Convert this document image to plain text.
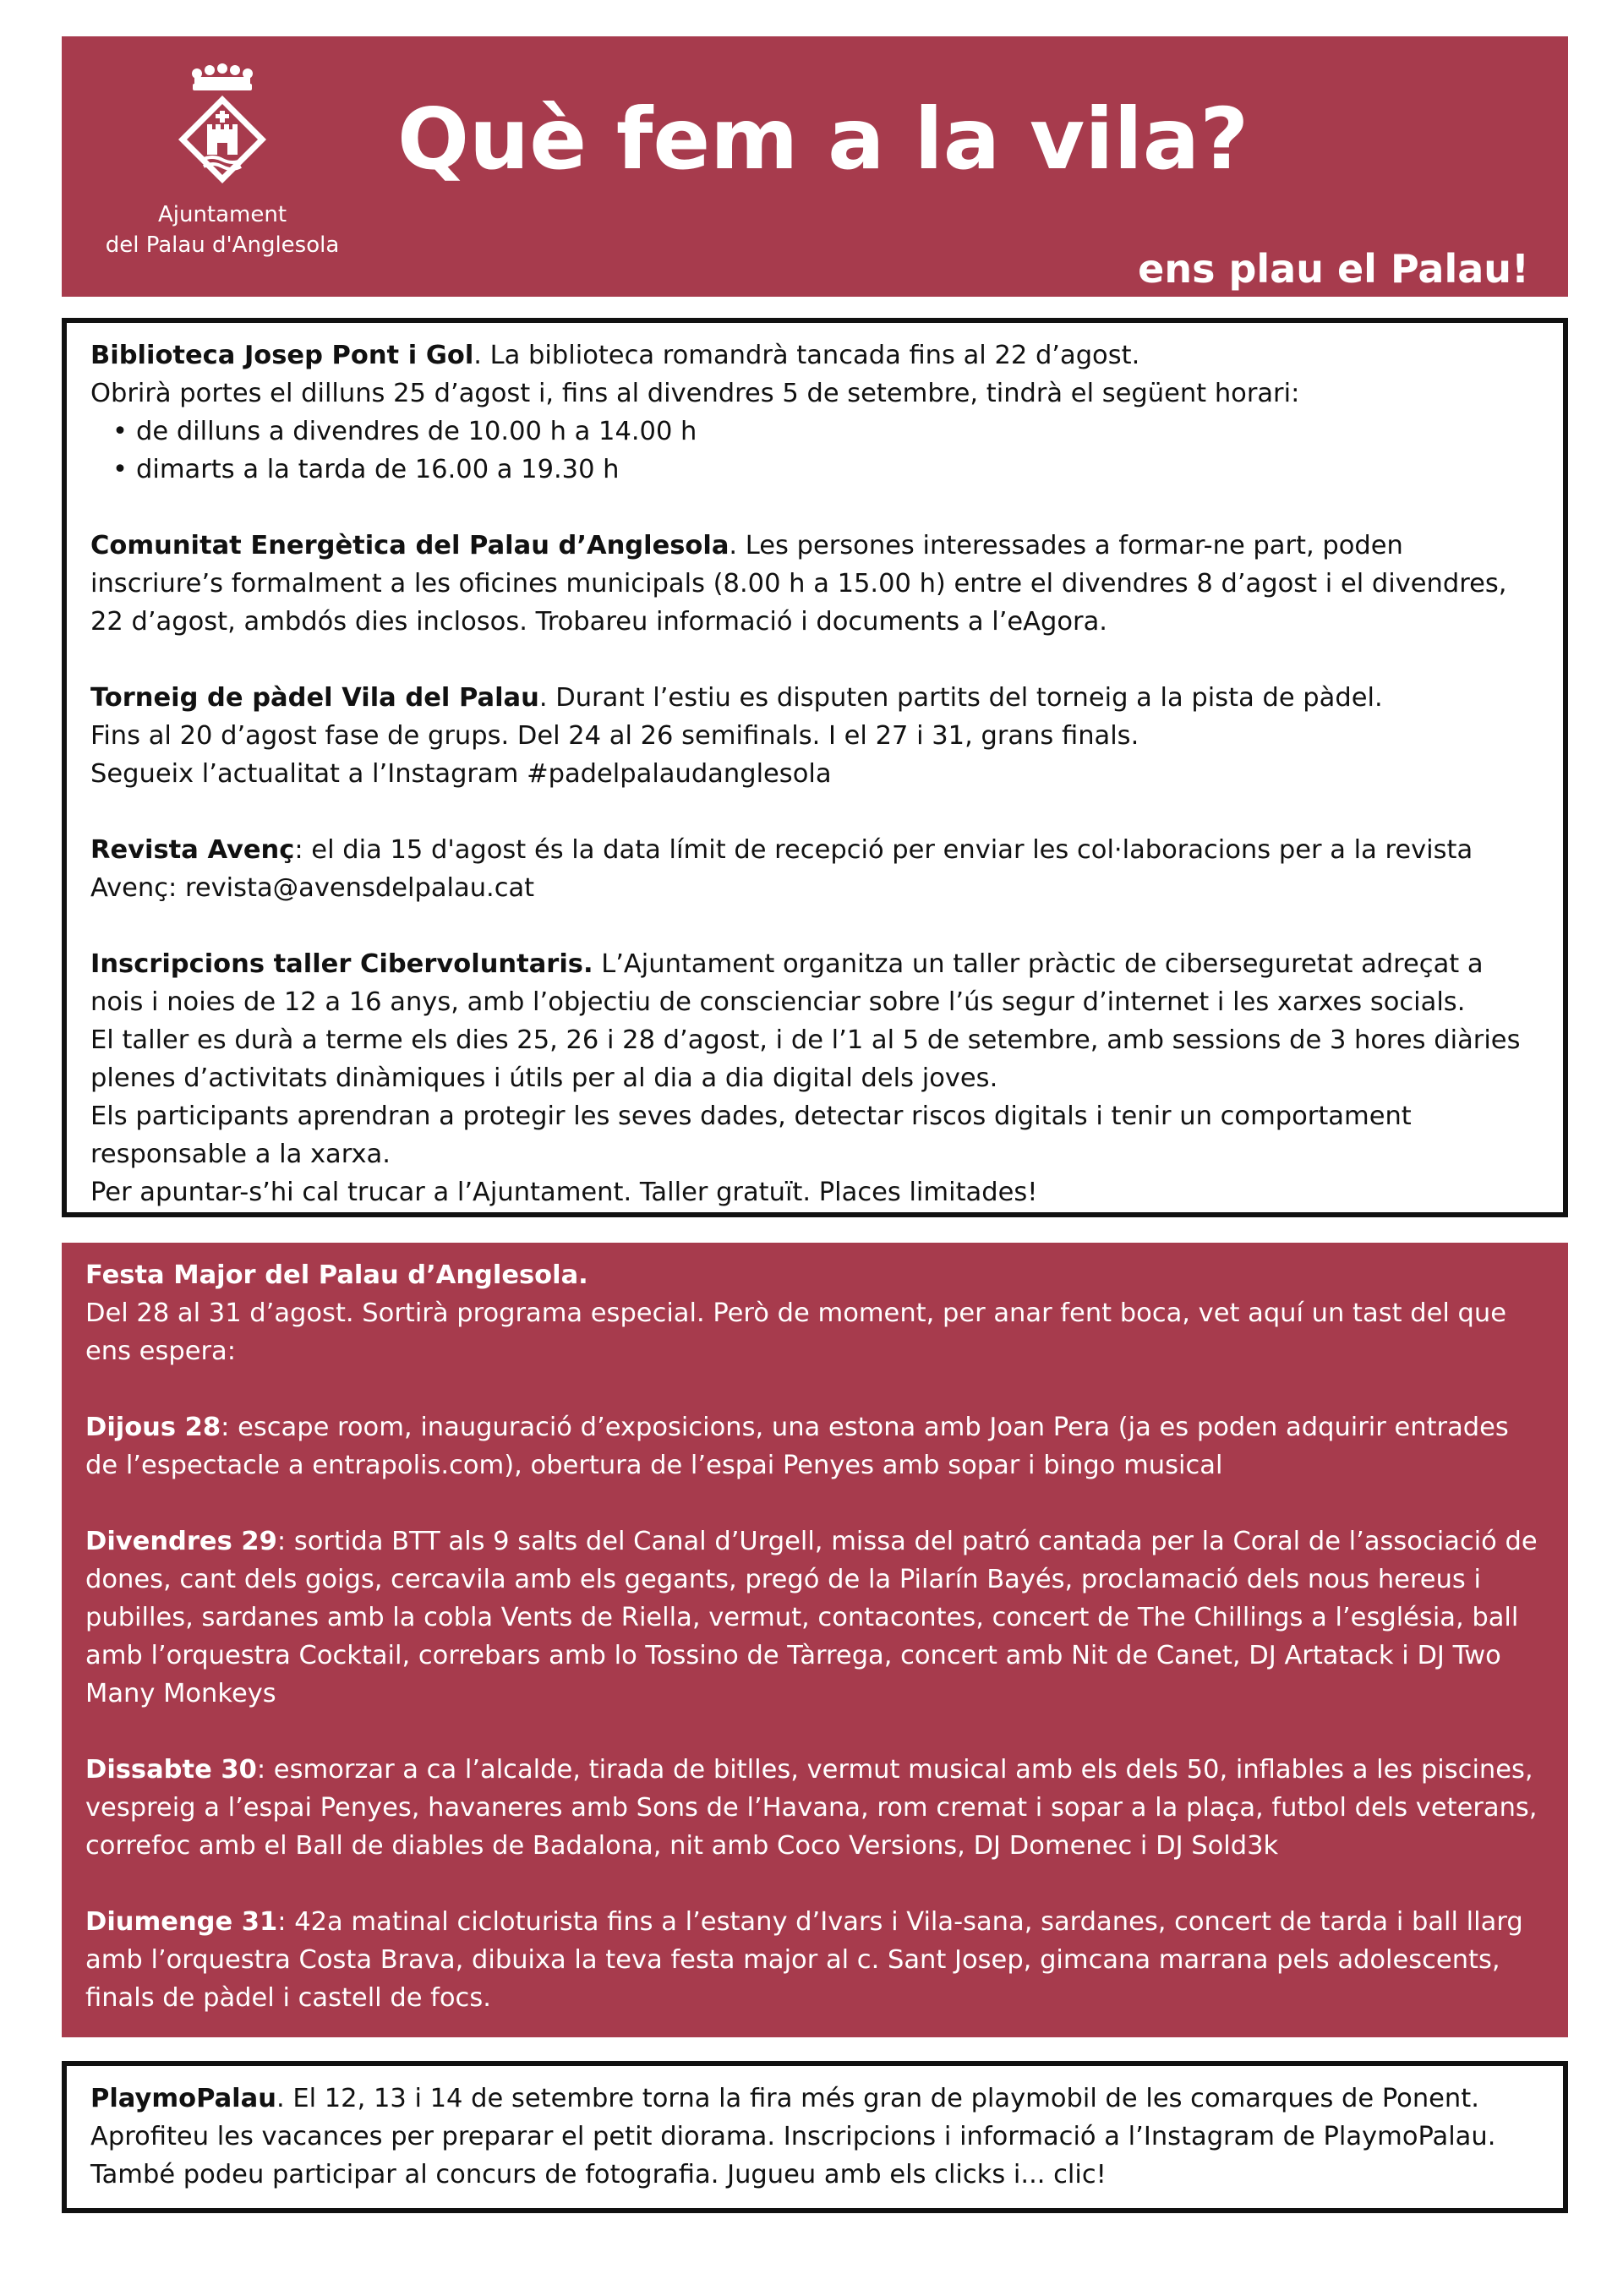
Ajuntament
del Palau d'Anglesola
Què fem a la vila?
ens plau el Palau!
Biblioteca Josep Pont i Gol. La biblioteca romandrà tancada fins al 22 d’agost.
Obrirà portes el dilluns 25 d’agost i, fins al divendres 5 de setembre, tindrà el següent horari:
• de dilluns a divendres de 10.00 h a 14.00 h
• dimarts a la tarda de 16.00 a 19.30 h
Comunitat Energètica del Palau d’Anglesola. Les persones interessades a formar-ne part, poden inscriure’s formalment a les oficines municipals (8.00 h a 15.00 h) entre el divendres 8 d’agost i el divendres, 22 d’agost, ambdós dies inclosos. Trobareu informació i documents a l’eAgora.
Torneig de pàdel Vila del Palau. Durant l’estiu es disputen partits del torneig a la pista de pàdel.
Fins al 20 d’agost fase de grups. Del 24 al 26 semifinals. I el 27 i 31, grans finals.
Segueix l’actualitat a l’Instagram #padelpalaudanglesola
Revista Avenç: el dia 15 d'agost és la data límit de recepció per enviar les col·laboracions per a la revista Avenç: revista@avensdelpalau.cat
Inscripcions taller Cibervoluntaris. L’Ajuntament organitza un taller pràctic de ciberseguretat adreçat a nois i noies de 12 a 16 anys, amb l’objectiu de conscienciar sobre l’ús segur d’internet i les xarxes socials.
El taller es durà a terme els dies 25, 26 i 28 d’agost, i de l’1 al 5 de setembre, amb sessions de 3 hores diàries plenes d’activitats dinàmiques i útils per al dia a dia digital dels joves.
Els participants aprendran a protegir les seves dades, detectar riscos digitals i tenir un comportament responsable a la xarxa.
Per apuntar-s’hi cal trucar a l’Ajuntament. Taller gratuït. Places limitades!
Festa Major del Palau d’Anglesola.
Del 28 al 31 d’agost. Sortirà programa especial. Però de moment, per anar fent boca, vet aquí un tast del que ens espera:
Dijous 28: escape room, inauguració d’exposicions, una estona amb Joan Pera (ja es poden adquirir entrades de l’espectacle a entrapolis.com), obertura de l’espai Penyes amb sopar i bingo musical
Divendres 29: sortida BTT als 9 salts del Canal d’Urgell, missa del patró cantada per la Coral de l’associació de dones, cant dels goigs, cercavila amb els gegants, pregó de la Pilarín Bayés, proclamació dels nous hereus i pubilles, sardanes amb la cobla Vents de Riella, vermut, contacontes, concert de The Chillings a l’església, ball amb l’orquestra Cocktail, correbars amb lo Tossino de Tàrrega, concert amb Nit de Canet, DJ Artatack i DJ Two Many Monkeys
Dissabte 30: esmorzar a ca l’alcalde, tirada de bitlles, vermut musical amb els dels 50, inflables a les piscines, vespreig a l’espai Penyes, havaneres amb Sons de l’Havana, rom cremat i sopar a la plaça, futbol dels veterans, correfoc amb el Ball de diables de Badalona, nit amb Coco Versions, DJ Domenec i DJ Sold3k
Diumenge 31: 42a matinal cicloturista fins a l’estany d’Ivars i Vila-sana, sardanes, concert de tarda i ball llarg amb l’orquestra Costa Brava, dibuixa la teva festa major al c. Sant Josep, gimcana marrana pels adolescents, finals de pàdel i castell de focs.
PlaymoPalau. El 12, 13 i 14 de setembre torna la fira més gran de playmobil de les comarques de Ponent. Aprofiteu les vacances per preparar el petit diorama. Inscripcions i informació a l’Instagram de PlaymoPalau. També podeu participar al concurs de fotografia. Jugueu amb els clicks i... clic!
